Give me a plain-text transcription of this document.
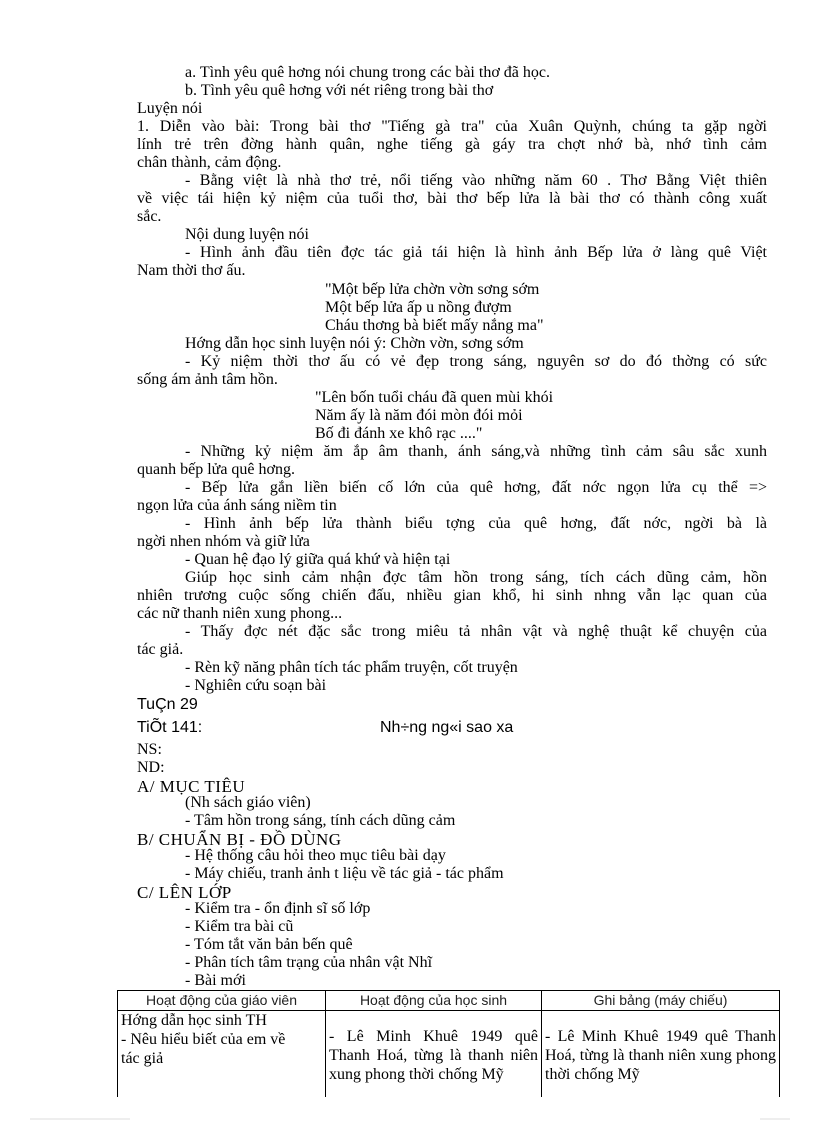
a. Tình yêu quê hơng nói chung trong các bài thơ đã học.
b. Tình yêu quê hơng với nét riêng trong bài thơ
Luyện nói
1. Diễn vào bài: Trong bài thơ "Tiếng gà tra" của Xuân Quỳnh, chúng ta gặp ngời
lính trẻ trên đờng hành quân, nghe tiếng gà gáy tra chợt nhớ bà, nhớ tình cảm
chân thành, cảm động.
- Bằng việt là nhà thơ trẻ, nổi tiếng vào những năm 60 . Thơ Bằng Việt thiên
về việc tái hiện kỷ niệm của tuổi thơ, bài thơ bếp lửa là bài thơ có thành công xuất
sắc.
Nội dung luyện nói
- Hình ảnh đầu tiên đợc tác giả tái hiện là hình ảnh Bếp lửa ở làng quê Việt
Nam thời thơ ấu.
"Một bếp lửa chờn vờn sơng sớm
Một bếp lửa ấp u nồng đượm
Cháu thơng bà biết mấy nắng ma"
Hớng dẫn học sinh luyện nói ý: Chờn vờn, sơng sớm
- Kỷ niệm thời thơ ấu có vẻ đẹp trong sáng, nguyên sơ do đó thờng có sức
sống ám ảnh tâm hồn.
"Lên bốn tuổi cháu đã quen mùi khói
Năm ấy là năm đói mòn đói mỏi
Bố đi đánh xe khô rạc ...."
- Những kỷ niệm ăm ắp âm thanh, ánh sáng,và những tình cảm sâu sắc xunh
quanh bếp lửa quê hơng.
- Bếp lửa gắn liền biến cố lớn của quê hơng, đất nớc ngọn lửa cụ thể =>
ngọn lửa của ánh sáng niềm tin
- Hình ảnh bếp lửa thành biểu tợng của quê hơng, đất nớc, ngời bà là
ngời nhen nhóm và giữ lửa
- Quan hệ đạo lý giữa quá khứ và hiện tại
Giúp học sinh cảm nhận đợc tâm hồn trong sáng, tích cách dũng cảm, hồn
nhiên trương cuộc sống chiến đấu, nhiều gian khổ, hi sinh nhng vẫn lạc quan của
các nữ thanh niên xung phong...
- Thấy đợc nét đặc sắc trong miêu tả nhân vật và nghệ thuật kể chuyện của
tác giả.
- Rèn kỹ năng phân tích tác phẩm truyện, cốt truyện
- Nghiên cứu soạn bài
TuÇn 29
TiÕt 141:	Nh÷ng ng«i sao xa
NS:
ND:
A/ MỤC TIÊU
(Nh sách giáo viên)
- Tâm hồn trong sáng, tính cách dũng cảm
B/ CHUẨN BỊ - ĐỒ DÙNG
- Hệ thống câu hỏi theo mục tiêu bài dạy
- Máy chiếu, tranh ảnh t liệu về tác giả - tác phẩm
C/ LÊN LỚP
- Kiểm tra - ổn định sĩ số lớp
- Kiểm tra bài cũ
- Tóm tắt văn bản bến quê
- Phân tích tâm trạng của nhân vật Nhĩ
- Bài mới
Hoạt động của giáo viên	Hoạt động của học sinh	Ghi bảng (máy chiếu)

Hớng dẫn học sinh TH
- Nêu hiểu biết của em về
tác giả	- Lê Minh Khuê 1949 quê Thanh Hoá, từng là thanh niên xung phong thời chống Mỹ	- Lê Minh Khuê 1949 quê Thanh Hoá, từng là thanh niên xung phong thời chống Mỹ
